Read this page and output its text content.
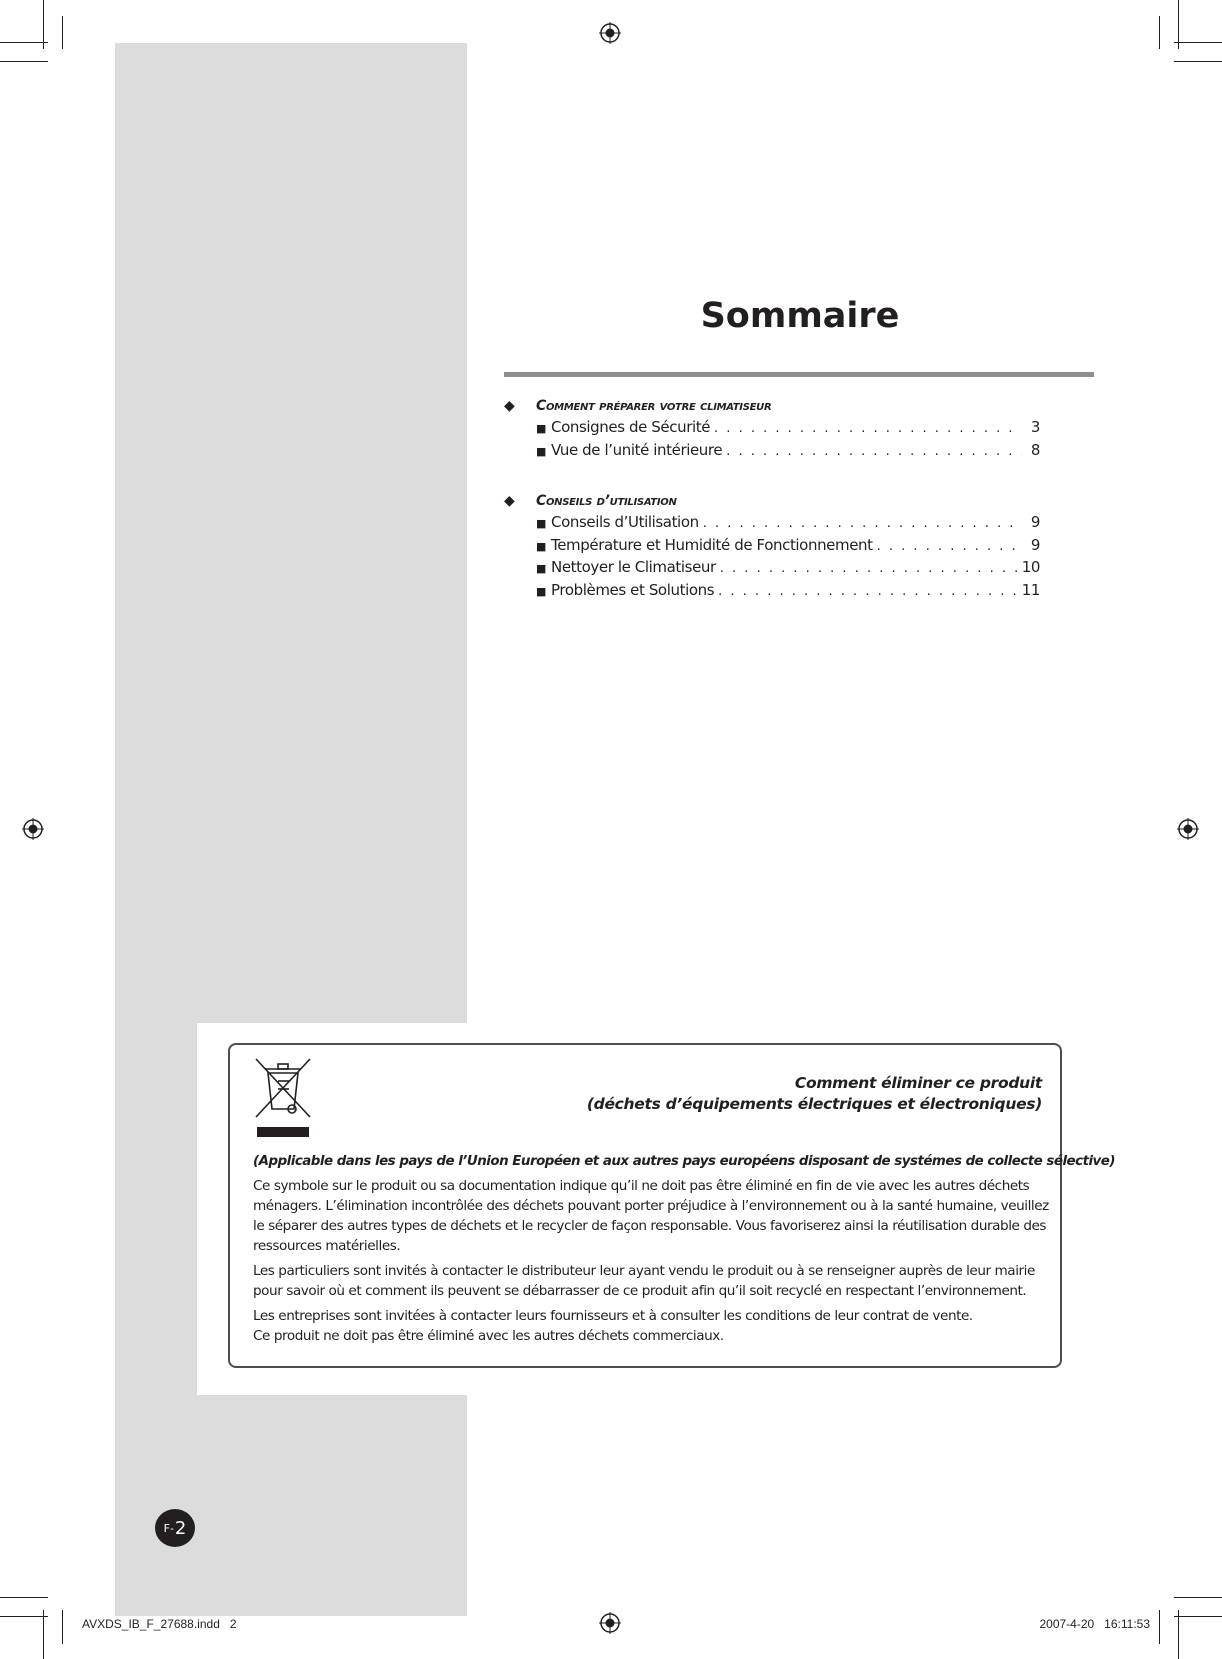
Sommaire
◆	Comment préparer votre climatiseur
■ Consignes de Sécurité . . .	3
■ Vue de l’unité intérieure . . .	8
◆	Conseils d’utilisation
■ Conseils d’Utilisation . . .	9
■ Température et Humidité de Fonctionnement . . .	9
■ Nettoyer le Climatiseur . . .	10
■ Problèmes et Solutions . . .	11
Comment éliminer ce produit
(déchets d’équipements électriques et électroniques)
(Applicable dans les pays de l’Union Européen et aux autres pays européens disposant de systémes de collecte sélective)

Ce symbole sur le produit ou sa documentation indique qu’il ne doit pas être éliminé en fin de vie avec les autres déchets ménagers. L’élimination incontrôlée des déchets pouvant porter préjudice à l’environnement ou à la santé humaine, veuillez le séparer des autres types de déchets et le recycler de façon responsable. Vous favoriserez ainsi la réutilisation durable des ressources matérielles.

Les particuliers sont invités à contacter le distributeur leur ayant vendu le produit ou à se renseigner auprès de leur mairie pour savoir où et comment ils peuvent se débarrasser de ce produit afin qu’il soit recyclé en respectant l’environnement.

Les entreprises sont invitées à contacter leurs fournisseurs et à consulter les conditions de leur contrat de vente.
Ce produit ne doit pas être éliminé avec les autres déchets commerciaux.

F- 2
AVXDS_IB_F_27688.indd   2	2007-4-20   16:11:53
